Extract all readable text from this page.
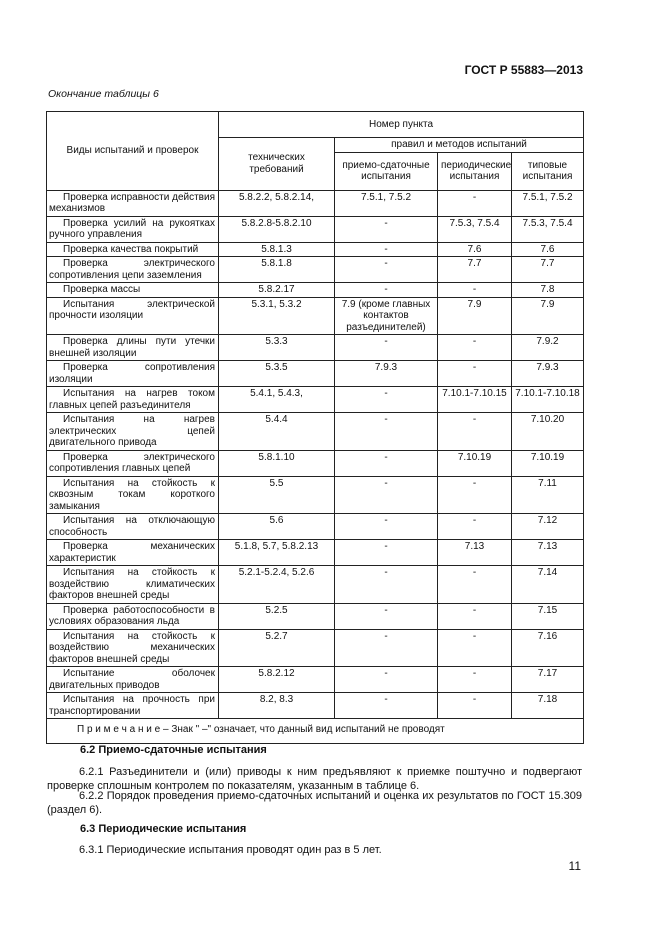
ГОСТ Р 55883—2013
Окончание таблицы 6
Виды испытаний и проверок	Номер пункта			
	технических требований	правил и методов испытаний		
		приемо-сдаточные испытания	периодические испытания	типовые испытания
Проверка исправности действия механизмов	5.8.2.2, 5.8.2.14,	7.5.1, 7.5.2	-	7.5.1, 7.5.2
Проверка усилий на рукоятках ручного управления	5.8.2.8-5.8.2.10	-	7.5.3, 7.5.4	7.5.3, 7.5.4
Проверка качества покрытий	5.8.1.3	-	7.6	7.6
Проверка электрического сопротивления цепи заземления	5.8.1.8	-	7.7	7.7
Проверка массы	5.8.2.17	-	-	7.8
Испытания электрической прочности изоляции	5.3.1, 5.3.2	7.9 (кроме главных контактов разъединителей)	7.9	7.9
Проверка длины пути утечки внешней изоляции	5.3.3	-	-	7.9.2
Проверка сопротивления изоляции	5.3.5	7.9.3	-	7.9.3
Испытания на нагрев током главных цепей разъединителя	5.4.1, 5.4.3,	-	7.10.1-7.10.15	7.10.1-7.10.18
Испытания на нагрев электрических цепей двигательного привода	5.4.4	-	-	7.10.20
Проверка электрического сопротивления главных цепей	5.8.1.10	-	7.10.19	7.10.19
Испытания на стойкость к сквозным токам короткого замыкания	5.5	-	-	7.11
Испытания на отключающую способность	5.6	-	-	7.12
Проверка механических характеристик	5.1.8, 5.7, 5.8.2.13	-	7.13	7.13
Испытания на стойкость к воздействию климатических факторов внешней среды	5.2.1-5.2.4, 5.2.6	-	-	7.14
Проверка работоспособности в условиях образования льда	5.2.5	-	-	7.15
Испытания на стойкость к воздействию механических факторов внешней среды	5.2.7	-	-	7.16
Испытание оболочек двигательных приводов	5.8.2.12	-	-	7.17
Испытания на прочность при транспортировании	8.2, 8.3	-	-	7.18
П р и м е ч а н и е – Знак " –" означает, что данный вид испытаний не проводят				
6.2 Приемо-сдаточные испытания
6.2.1 Разъединители и (или) приводы к ним предъявляют к приемке поштучно и подвергают проверке сплошным контролем по показателям, указанным в таблице 6.
6.2.2 Порядок проведения приемо-сдаточных испытаний и оценка их результатов по ГОСТ 15.309 (раздел 6).
6.3 Периодические испытания
6.3.1 Периодические испытания проводят один раз в 5 лет.
11
